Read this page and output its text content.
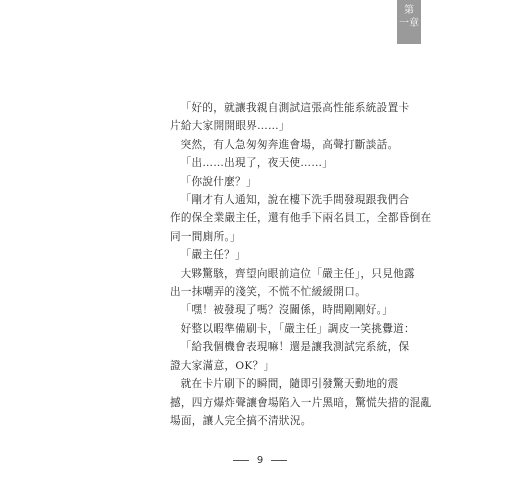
第
一章

「好的，就讓我親自測試這張高性能系統設置卡

片給大家開開眼界……」

突然，有人急匆匆奔進會場，高聲打斷談話。

「出……出現了，夜天使……」

「你說什麼？」

「剛才有人通知，說在樓下洗手間發現跟我們合

作的保全業嚴主任，還有他手下兩名員工，全都昏倒在

同一間廁所。」

「嚴主任？」

大夥驚駭，齊望向眼前這位「嚴主任」，只見他露

出一抹嘲弄的淺笑，不慌不忙緩緩開口。

「嘿！被發現了嗎？沒關係，時間剛剛好。」

好整以暇準備刷卡，「嚴主任」調皮一笑挑釁道：

「給我個機會表現嘛！還是讓我測試完系統，保

證大家滿意，OK？」

就在卡片刷下的瞬間，隨即引發驚天動地的震

撼，四方爆炸聲讓會場陷入一片黑暗，驚慌失措的混亂

場面，讓人完全搞不清狀況。

9
